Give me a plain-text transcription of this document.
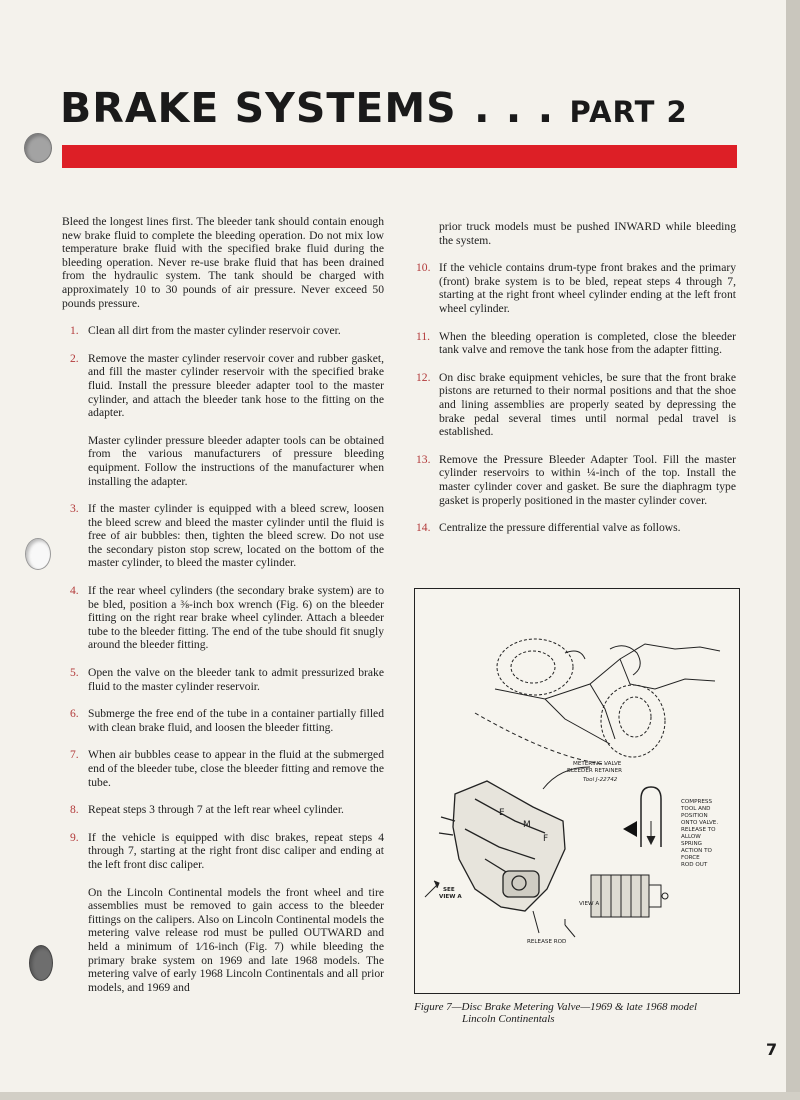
BRAKE SYSTEMS . . . PART 2

Bleed the longest lines first. The bleeder tank should contain enough new brake fluid to complete the bleeding operation. Do not mix low temperature brake fluid with the specified brake fluid during the bleeding operation. Never re-use brake fluid that has been drained from the hydraulic system. The tank should be charged with approximately 10 to 30 pounds of air pressure. Never exceed 50 pounds pressure.

1. Clean all dirt from the master cylinder reservoir cover.
2. Remove the master cylinder reservoir cover and rubber gasket, and fill the master cylinder reservoir with the specified brake fluid. Install the pressure bleeder adapter tool to the master cylinder, and attach the bleeder tank hose to the fitting on the adapter.

Master cylinder pressure bleeder adapter tools can be obtained from the various manufacturers of pressure bleeding equipment. Follow the instructions of the manufacturer when installing the adapter.

3. If the master cylinder is equipped with a bleed screw, loosen the bleed screw and bleed the master cylinder until the fluid is free of air bubbles: then, tighten the bleed screw. Do not use the secondary piston stop screw, located on the bottom of the master cylinder, to bleed the master cylinder.
4. If the rear wheel cylinders (the secondary brake system) are to be bled, position a ⅜-inch box wrench (Fig. 6) on the bleeder fitting on the right rear brake wheel cylinder. Attach a bleeder tube to the bleeder fitting. The end of the tube should fit snugly around the bleeder fitting.
5. Open the valve on the bleeder tank to admit pressurized brake fluid to the master cylinder reservoir.
6. Submerge the free end of the tube in a container partially filled with clean brake fluid, and loosen the bleeder fitting.
7. When air bubbles cease to appear in the fluid at the submerged end of the bleeder tube, close the bleeder fitting and remove the tube.
8. Repeat steps 3 through 7 at the left rear wheel cylinder.
9. If the vehicle is equipped with disc brakes, repeat steps 4 through 7, starting at the right front disc caliper and ending at the left front disc caliper.

On the Lincoln Continental models the front wheel and tire assemblies must be removed to gain access to the bleeder fittings on the calipers. Also on Lincoln Continental models the metering valve release rod must be pulled OUTWARD and held a minimum of 1⁄16-inch (Fig. 7) while bleeding the primary brake system on 1969 and late 1968 models. The metering valve of early 1968 Lincoln Continentals and all prior models, and 1969 and

prior truck models must be pushed INWARD while bleeding the system.

10. If the vehicle contains drum-type front brakes and the primary (front) brake system is to be bled, repeat steps 4 through 7, starting at the right front wheel cylinder ending at the left front wheel cylinder.
11. When the bleeding operation is completed, close the bleeder tank valve and remove the tank hose from the adapter fitting.
12. On disc brake equipment vehicles, be sure that the front brake pistons are returned to their normal positions and that the shoe and lining assemblies are properly seated by depressing the brake pedal several times until normal pedal travel is established.
13. Remove the Pressure Bleeder Adapter Tool. Fill the master cylinder reservoirs to within ¼-inch of the top. Install the master cylinder cover and gasket. Be sure the diaphragm type gasket is properly positioned in the master cylinder cover.
14. Centralize the pressure differential valve as follows.
METERING VALVE
BLEEDER RETAINER
Tool J-22742
COMPRESS
TOOL AND
POSITION
ONTO VALVE.
RELEASE TO
ALLOW
SPRING
ACTION TO
FORCE
ROD OUT
SEE
VIEW A
VIEW A
RELEASE ROD
E
M
F
Figure 7—Disc Brake Metering Valve—1969 & late 1968 model
Lincoln Continentals
7
